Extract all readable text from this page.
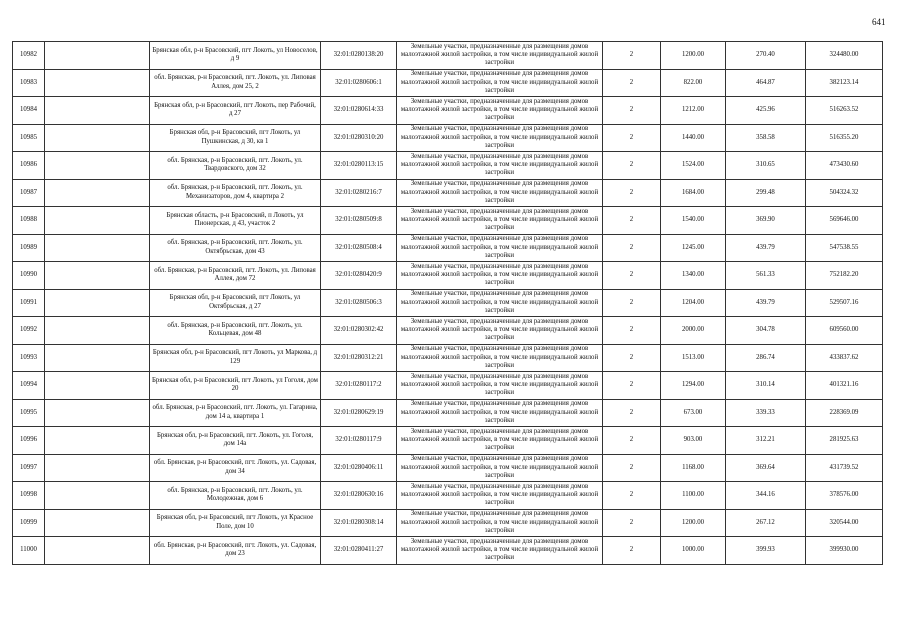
641
10982		Брянская обл, р-н Брасовский, пгт Локоть, ул Новоселов, д 9	32:01:0280138:20	Земельные участки, предназначенные для размещения домов малоэтажной жилой застройки, в том числе индивидуальной жилой застройки	2	1200.00	270.40	324480.00
10983		обл. Брянская, р-н Брасовский, пгт. Локоть, ул. Липовая Аллея, дом 25, 2	32:01:0280606:1	Земельные участки, предназначенные для размещения домов малоэтажной жилой застройки, в том числе индивидуальной жилой застройки	2	822.00	464.87	382123.14
10984		Брянская обл, р-н Брасовский, пгт Локоть, пер Рабочий, д 27	32:01:0280614:33	Земельные участки, предназначенные для размещения домов малоэтажной жилой застройки, в том числе индивидуальной жилой застройки	2	1212.00	425.96	516263.52
10985		Брянская обл, р-н Брасовский, пгт Локоть, ул Пушкинская, д 30, кв 1	32:01:0280310:20	Земельные участки, предназначенные для размещения домов малоэтажной жилой застройки, в том числе индивидуальной жилой застройки	2	1440.00	358.58	516355.20
10986		обл. Брянская, р-н Брасовский, пгт. Локоть, ул. Твардовского, дом 32	32:01:0280113:15	Земельные участки, предназначенные для размещения домов малоэтажной жилой застройки, в том числе индивидуальной жилой застройки	2	1524.00	310.65	473430.60
10987		обл. Брянская, р-н Брасовский, пгт. Локоть, ул. Механизаторов, дом 4, квартира 2	32:01:0280216:7	Земельные участки, предназначенные для размещения домов малоэтажной жилой застройки, в том числе индивидуальной жилой застройки	2	1684.00	299.48	504324.32
10988		Брянская область, р-н Брасовский, п Локоть, ул Пионерская, д 43, участок 2	32:01:0280509:8	Земельные участки, предназначенные для размещения домов малоэтажной жилой застройки, в том числе индивидуальной жилой застройки	2	1540.00	369.90	569646.00
10989		обл. Брянская, р-н Брасовский, пгт. Локоть, ул. Октябрьская, дом 43	32:01:0280508:4	Земельные участки, предназначенные для размещения домов малоэтажной жилой застройки, в том числе индивидуальной жилой застройки	2	1245.00	439.79	547538.55
10990		обл. Брянская, р-н Брасовский, пгт. Локоть, ул. Липовая Аллея, дом 72	32:01:0280420:9	Земельные участки, предназначенные для размещения домов малоэтажной жилой застройки, в том числе индивидуальной жилой застройки	2	1340.00	561.33	752182.20
10991		Брянская обл, р-н Брасовский, пгт Локоть, ул Октябрьская, д 27	32:01:0280506:3	Земельные участки, предназначенные для размещения домов малоэтажной жилой застройки, в том числе индивидуальной жилой застройки	2	1204.00	439.79	529507.16
10992		обл. Брянская, р-н Брасовский, пгт. Локоть, ул. Кольцевая, дом 48	32:01:0280302:42	Земельные участки, предназначенные для размещения домов малоэтажной жилой застройки, в том числе индивидуальной жилой застройки	2	2000.00	304.78	609560.00
10993		Брянская обл, р-н Брасовский, пгт Локоть, ул Маркова, д 129	32:01:0280312:21	Земельные участки, предназначенные для размещения домов малоэтажной жилой застройки, в том числе индивидуальной жилой застройки	2	1513.00	286.74	433837.62
10994		Брянская обл, р-н Брасовский, пгт Локоть, ул Гоголя, дом 20	32:01:0280117:2	Земельные участки, предназначенные для размещения домов малоэтажной жилой застройки, в том числе индивидуальной жилой застройки	2	1294.00	310.14	401321.16
10995		обл. Брянская, р-н Брасовский, пгт. Локоть, ул. Гагарина, дом 14 а, квартира 1	32:01:0280629:19	Земельные участки, предназначенные для размещения домов малоэтажной жилой застройки, в том числе индивидуальной жилой застройки	2	673.00	339.33	228369.09
10996		Брянская обл, р-н Брасовский, пгт. Локоть, ул. Гоголя, дом 14а	32:01:0280117:9	Земельные участки, предназначенные для размещения домов малоэтажной жилой застройки, в том числе индивидуальной жилой застройки	2	903.00	312.21	281925.63
10997		обл. Брянская, р-н Брасовский, пгт. Локоть, ул. Садовая, дом 34	32:01:0280406:11	Земельные участки, предназначенные для размещения домов малоэтажной жилой застройки, в том числе индивидуальной жилой застройки	2	1168.00	369.64	431739.52
10998		обл. Брянская, р-н Брасовский, пгт. Локоть, ул. Молодежная, дом 6	32:01:0280630:16	Земельные участки, предназначенные для размещения домов малоэтажной жилой застройки, в том числе индивидуальной жилой застройки	2	1100.00	344.16	378576.00
10999		Брянская обл, р-н Брасовский, пгт Локоть, ул Красное Поле, дом 10	32:01:0280308:14	Земельные участки, предназначенные для размещения домов малоэтажной жилой застройки, в том числе индивидуальной жилой застройки	2	1200.00	267.12	320544.00
11000		обл. Брянская, р-н Брасовский, пгт. Локоть, ул. Садовая, дом 23	32:01:0280411:27	Земельные участки, предназначенные для размещения домов малоэтажной жилой застройки, в том числе индивидуальной жилой застройки	2	1000.00	399.93	399930.00
